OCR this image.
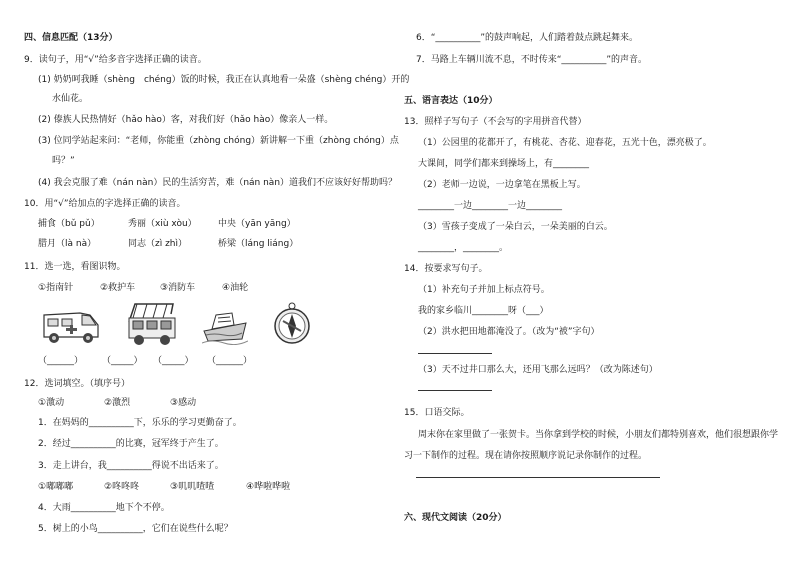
四、信息匹配（13分）
9．读句子，用“√”给多音字选择正确的读音。
(1) 奶奶呵我睡（shèng　chéng）饭的时候，我正在认真地看一朵盛（shèng chéng）开的
水仙花。
(2) 傣族人民热情好（hǎo hào）客，对我们好（hǎo hào）像亲人一样。
(3) 位同学站起来问：“老师，你能重（zhòng chóng）新讲解一下重（zhòng chóng）点
吗？”
(4) 我会克服了难（nán nàn）民的生活穷苦，难（nán nàn）道我们不应该好好帮助吗？
10．用“√”给加点的字选择正确的读音。
捕食（bǔ pǔ）	秀丽（xiù xòu） 中央（yān yāng）
腊月（là nà）	同志（zì zhì）	桥梁（láng liáng）
11．选一选，看图识物。
①指南针	②救护车	③消防车	④油轮
（______） （_____） （_____） （______）
12．选词填空。（填序号）
①激动	②激烈	③感动
1．在妈妈的__________下，乐乐的学习更勤奋了。
2．经过__________的比赛，冠军终于产生了。
3．走上讲台，我__________得说不出话来了。
①嘟嘟嘟	②咚咚咚	③叽叽喳喳	④哗啦哗啦
4．大雨__________地下个不停。
5．树上的小鸟__________，它们在说些什么呢？
6．“__________”的鼓声响起，人们踏着鼓点跳起舞来。
7．马路上车辆川流不息，不时传来“__________”的声音。
五、语言表达（10分）
13．照样子写句子（不会写的字用拼音代替）
（1）公园里的花都开了，有桃花、杏花、迎春花，五光十色，漂亮极了。
大课间，同学们都来到操场上，有________
（2）老师一边说，一边拿笔在黑板上写。
________一边________一边________
（3）雪孩子变成了一朵白云，一朵美丽的白云。
________，________。
14．按要求写句子。
（1）补充句子并加上标点符号。
我的家乡临川________呀（___）
（2）洪水把田地都淹没了。（改为“被”字句）
（3）天不过井口那么大，还用飞那么远吗？（改为陈述句）
15．口语交际。
周末你在家里做了一张贺卡。当你拿到学校的时候，小朋友们都特别喜欢，他们很想跟你学
习一下制作的过程。现在请你按照顺序说记录你制作的过程。
六、现代文阅读（20分）
